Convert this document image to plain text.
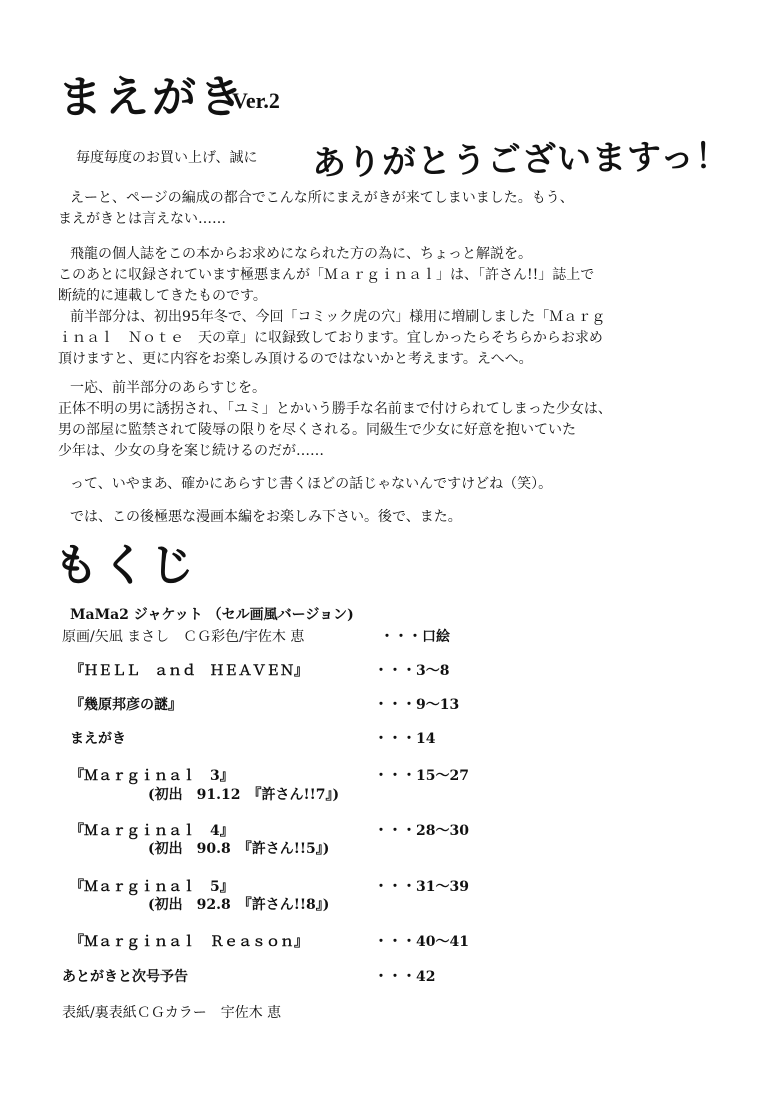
まえがき
Ver.2
毎度毎度のお買い上げ、誠に ありがとうございますっ！
えーと、ページの編成の都合でこんな所にまえがきが来てしまいました。もう、
まえがきとは言えない……
飛龍の個人誌をこの本からお求めになられた方の為に、ちょっと解説を。
このあとに収録されています極悪まんが「Ｍａｒｇｉｎａｌ」は、「許さん!!」誌上で
断続的に連載してきたものです。
前半部分は、初出95年冬で、今回「コミック虎の穴」様用に増刷しました「Ｍａｒｇ
ｉｎａｌ　Ｎｏｔｅ　天の章」に収録致しております。宜しかったらそちらからお求め
頂けますと、更に内容をお楽しみ頂けるのではないかと考えます。えへへ。
一応、前半部分のあらすじを。
正体不明の男に誘拐され、「ユミ」とかいう勝手な名前まで付けられてしまった少女は、
男の部屋に監禁されて陵辱の限りを尽くされる。同級生で少女に好意を抱いていた
少年は、少女の身を案じ続けるのだが……
って、いやまあ、確かにあらすじ書くほどの話じゃないんですけどね（笑）。
では、この後極悪な漫画本編をお楽しみ下さい。後で、また。
もくじ
MaMa2 ジャケット （セル画風バージョン)
原画/矢凪 まさし　ＣＧ彩色/宇佐木 恵	・・・口絵
『ＨＥＬＬ　ａｎｄ　ＨＥＡＶＥＮ』	・・・3〜8
『幾原邦彦の謎』	・・・9〜13
まえがき	・・・14
『Ｍａｒｇｉｎａｌ　3』	・・・15〜27
(初出　91.12　『許さん!!7』)
『Ｍａｒｇｉｎａｌ　4』	・・・28〜30
(初出　90.8　『許さん!!5』)
『Ｍａｒｇｉｎａｌ　5』	・・・31〜39
(初出　92.8　『許さん!!8』)
『Ｍａｒｇｉｎａｌ　Ｒｅａｓｏｎ』	・・・40〜41
あとがきと次号予告	・・・42
表紙/裏表紙ＣＧカラー　宇佐木 恵
